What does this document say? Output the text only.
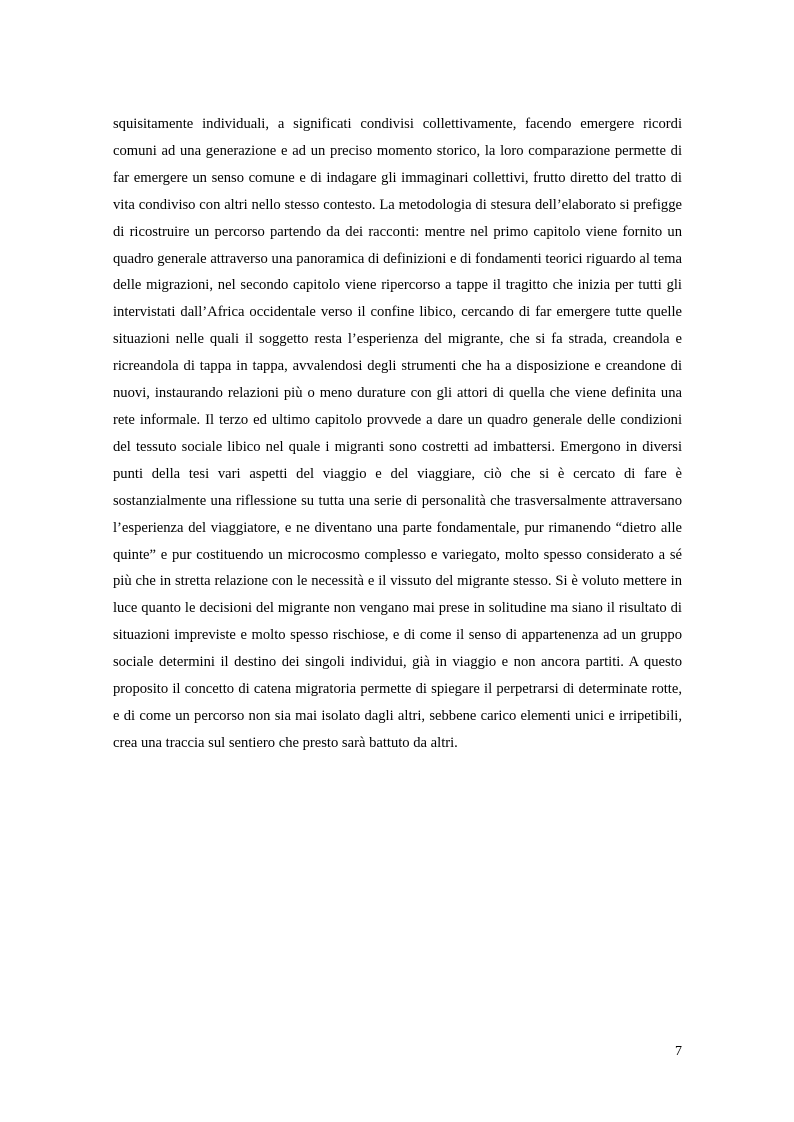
squisitamente individuali, a significati condivisi collettivamente, facendo emergere ricordi comuni ad una generazione e ad un preciso momento storico, la loro comparazione permette di far emergere un senso comune e di indagare gli immaginari collettivi, frutto diretto del tratto di vita condiviso con altri nello stesso contesto. La metodologia di stesura dell’elaborato si prefigge di ricostruire un percorso partendo da dei racconti: mentre nel primo capitolo viene fornito un quadro generale attraverso una panoramica di definizioni e di fondamenti teorici riguardo al tema delle migrazioni, nel secondo capitolo viene ripercorso a tappe il tragitto che inizia per tutti gli intervistati dall’Africa occidentale verso il confine libico, cercando di far emergere tutte quelle situazioni nelle quali il soggetto resta l’esperienza del migrante, che si fa strada, creandola e ricreandola di tappa in tappa, avvalendosi degli strumenti che ha a disposizione e creandone di nuovi, instaurando relazioni più o meno durature con gli attori di quella che viene definita una rete informale. Il terzo ed ultimo capitolo provvede a dare un quadro generale delle condizioni del tessuto sociale libico nel quale i migranti sono costretti ad imbattersi. Emergono in diversi punti della tesi vari aspetti del viaggio e del viaggiare, ciò che si è cercato di fare è sostanzialmente una riflessione su tutta una serie di personalità che trasversalmente attraversano l’esperienza del viaggiatore, e ne diventano una parte fondamentale, pur rimanendo “dietro alle quinte” e pur costituendo un microcosmo complesso e variegato, molto spesso considerato a sé più che in stretta relazione con le necessità e il vissuto del migrante stesso. Si è voluto mettere in luce quanto le decisioni del migrante non vengano mai prese in solitudine ma siano il risultato di situazioni impreviste e molto spesso rischiose, e di come il senso di appartenenza ad un gruppo sociale determini il destino dei singoli individui, già in viaggio e non ancora partiti. A questo proposito il concetto di catena migratoria permette di spiegare il perpetrarsi di determinate rotte, e di come un percorso non sia mai isolato dagli altri, sebbene carico elementi unici e irripetibili, crea una traccia sul sentiero che presto sarà battuto da altri.

7
